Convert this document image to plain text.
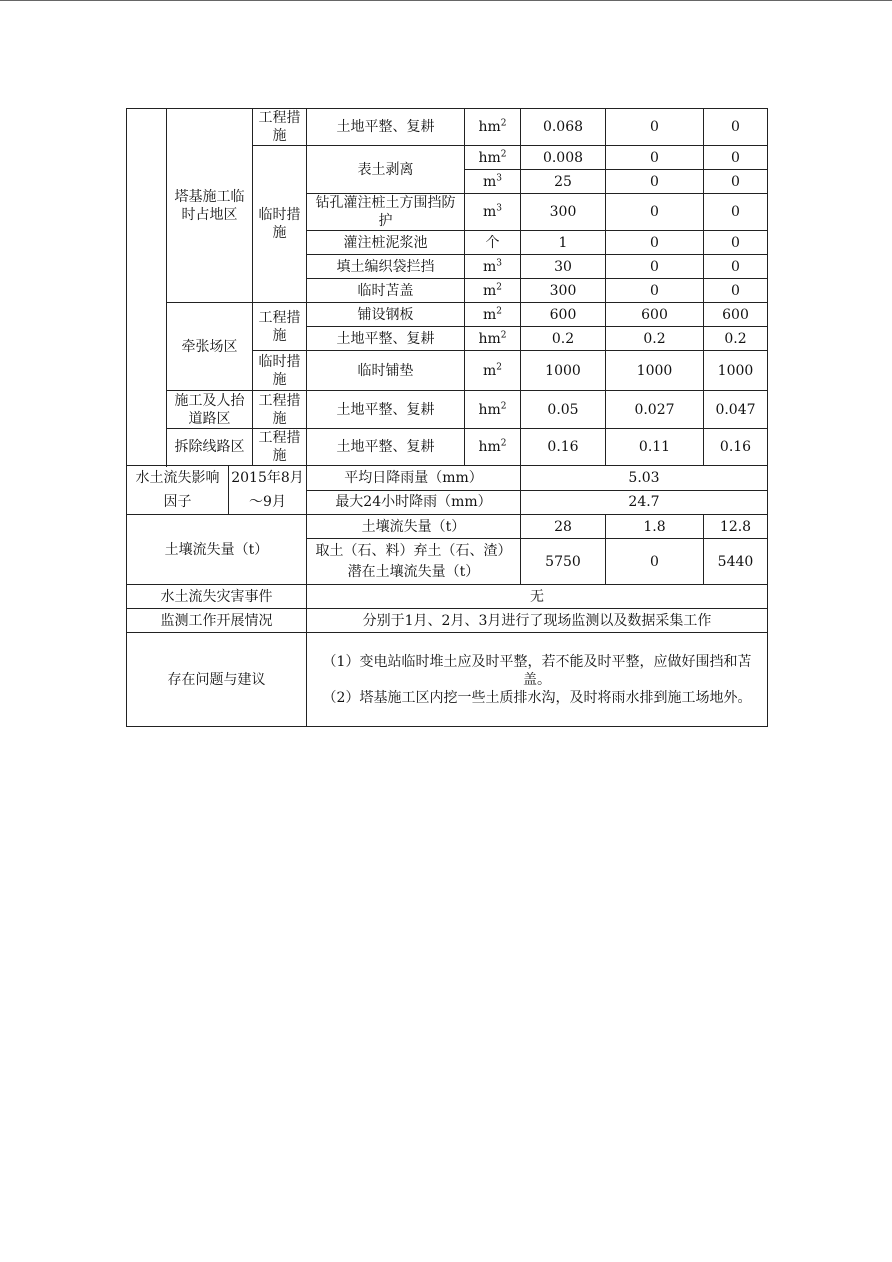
	塔基施工临时占地区		工程措施	土地平整、复耕	$hm^2$	0.068	0	0
			临时措施	表土剥离	$hm^2$	0.008	0	0
					$m^3$	25	0	0
				钻孔灌注桩土方围挡防护	$m^3$	300	0	0
				灌注桩泥浆池	个	1	0	0
				填土编织袋拦挡	$m^3$	30	0	0
				临时苫盖	$m^2$	300	0	0

	牵张场区		工程措施	铺设钢板	$m^2$	600	600	600
				土地平整、复耕	$hm^2$	0.2	0.2	0.2
			临时措施	临时铺垫	$m^2$	1000	1000	1000
	施工及人抬道路区		工程措施	土地平整、复耕	$hm^2$	0.05	0.027	0.047
	拆除线路区		工程措施	土地平整、复耕	$hm^2$	0.16	0.11	0.16

水土流失影响因子		2015年8月～9月		平均日降雨量（mm）		5.03		
				最大24小时降雨（mm）		24.7		
土壤流失量（t）				土壤流失量（t）		28	1.8	12.8
				取土（石、料）弃土（石、渣）潜在土壤流失量（t）		5750	0	5440
水土流失灾害事件				无				
监测工作开展情况				分别于1月、2月、3月进行了现场监测以及数据采集工作				
存在问题与建议				（1）变电站临时堆土应及时平整，若不能及时平整，应做好围挡和苫盖。
（2）塔基施工区内挖一些土质排水沟，及时将雨水排到施工场地外。				
